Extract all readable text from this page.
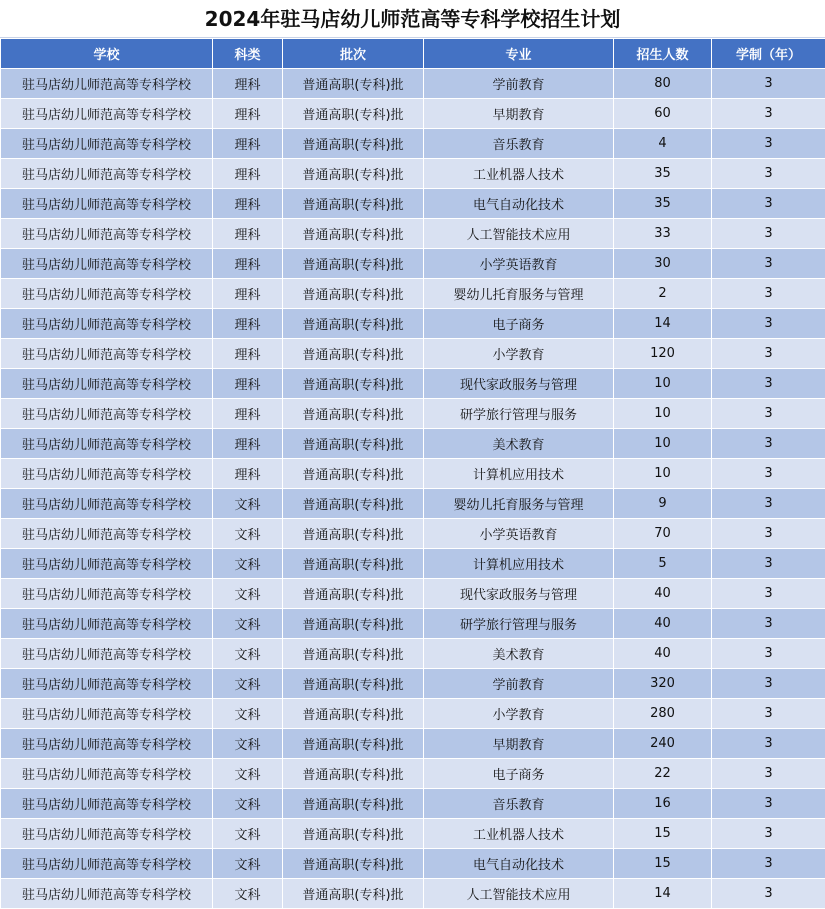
2024年驻马店幼儿师范高等专科学校招生计划
学校	科类	批次	专业	招生人数	学制（年）
驻马店幼儿师范高等专科学校	理科	普通高职(专科)批	学前教育	80	3
驻马店幼儿师范高等专科学校	理科	普通高职(专科)批	早期教育	60	3
驻马店幼儿师范高等专科学校	理科	普通高职(专科)批	音乐教育	4	3
驻马店幼儿师范高等专科学校	理科	普通高职(专科)批	工业机器人技术	35	3
驻马店幼儿师范高等专科学校	理科	普通高职(专科)批	电气自动化技术	35	3
驻马店幼儿师范高等专科学校	理科	普通高职(专科)批	人工智能技术应用	33	3
驻马店幼儿师范高等专科学校	理科	普通高职(专科)批	小学英语教育	30	3
驻马店幼儿师范高等专科学校	理科	普通高职(专科)批	婴幼儿托育服务与管理	2	3
驻马店幼儿师范高等专科学校	理科	普通高职(专科)批	电子商务	14	3
驻马店幼儿师范高等专科学校	理科	普通高职(专科)批	小学教育	120	3
驻马店幼儿师范高等专科学校	理科	普通高职(专科)批	现代家政服务与管理	10	3
驻马店幼儿师范高等专科学校	理科	普通高职(专科)批	研学旅行管理与服务	10	3
驻马店幼儿师范高等专科学校	理科	普通高职(专科)批	美术教育	10	3
驻马店幼儿师范高等专科学校	理科	普通高职(专科)批	计算机应用技术	10	3
驻马店幼儿师范高等专科学校	文科	普通高职(专科)批	婴幼儿托育服务与管理	9	3
驻马店幼儿师范高等专科学校	文科	普通高职(专科)批	小学英语教育	70	3
驻马店幼儿师范高等专科学校	文科	普通高职(专科)批	计算机应用技术	5	3
驻马店幼儿师范高等专科学校	文科	普通高职(专科)批	现代家政服务与管理	40	3
驻马店幼儿师范高等专科学校	文科	普通高职(专科)批	研学旅行管理与服务	40	3
驻马店幼儿师范高等专科学校	文科	普通高职(专科)批	美术教育	40	3
驻马店幼儿师范高等专科学校	文科	普通高职(专科)批	学前教育	320	3
驻马店幼儿师范高等专科学校	文科	普通高职(专科)批	小学教育	280	3
驻马店幼儿师范高等专科学校	文科	普通高职(专科)批	早期教育	240	3
驻马店幼儿师范高等专科学校	文科	普通高职(专科)批	电子商务	22	3
驻马店幼儿师范高等专科学校	文科	普通高职(专科)批	音乐教育	16	3
驻马店幼儿师范高等专科学校	文科	普通高职(专科)批	工业机器人技术	15	3
驻马店幼儿师范高等专科学校	文科	普通高职(专科)批	电气自动化技术	15	3
驻马店幼儿师范高等专科学校	文科	普通高职(专科)批	人工智能技术应用	14	3
